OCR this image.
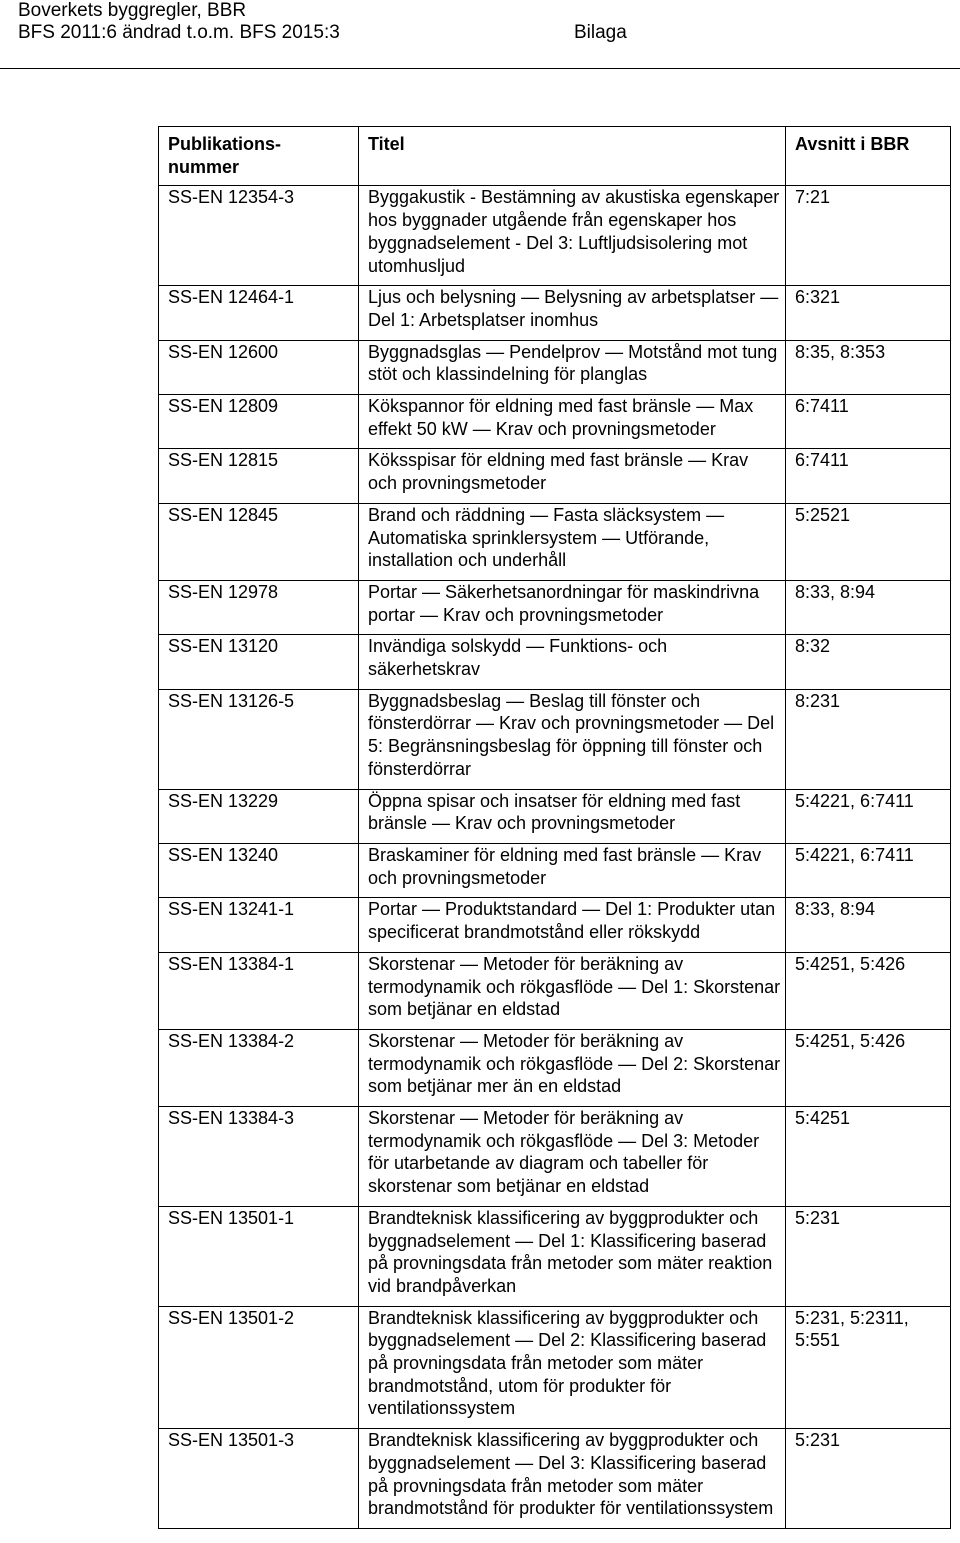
Boverkets byggregler, BBR
BFS 2011:6 ändrad t.o.m. BFS 2015:3	Bilaga
Publikations-
nummer	Titel	Avsnitt i BBR
SS-EN 12354-3	Byggakustik - Bestämning av akustiska egenskaper hos byggnader utgående från egenskaper hos byggnadselement - Del 3: Luftljudsisolering mot utomhusljud	7:21
SS-EN 12464-1	Ljus och belysning — Belysning av arbetsplatser — Del 1: Arbetsplatser inomhus	6:321
SS-EN 12600	Byggnadsglas — Pendelprov — Motstånd mot tung stöt och klassindelning för planglas	8:35, 8:353
SS-EN 12809	Kökspannor för eldning med fast bränsle — Max effekt 50 kW — Krav och provningsmetoder	6:7411
SS-EN 12815	Köksspisar för eldning med fast bränsle — Krav och provningsmetoder	6:7411
SS-EN 12845	Brand och räddning — Fasta släcksystem — Automatiska sprinklersystem — Utförande, installation och underhåll	5:2521
SS-EN 12978	Portar — Säkerhetsanordningar för maskindrivna portar — Krav och provningsmetoder	8:33, 8:94
SS-EN 13120	Invändiga solskydd — Funktions- och säkerhetskrav	8:32
SS-EN 13126-5	Byggnadsbeslag — Beslag till fönster och fönsterdörrar — Krav och provningsmetoder — Del 5: Begränsningsbeslag för öppning till fönster och fönsterdörrar	8:231
SS-EN 13229	Öppna spisar och insatser för eldning med fast bränsle — Krav och provningsmetoder	5:4221, 6:7411
SS-EN 13240	Braskaminer för eldning med fast bränsle — Krav och provningsmetoder	5:4221, 6:7411
SS-EN 13241-1	Portar — Produktstandard — Del 1: Produkter utan specificerat brandmotstånd eller rökskydd	8:33, 8:94
SS-EN 13384-1	Skorstenar — Metoder för beräkning av termodynamik och rökgasflöde — Del 1: Skorstenar som betjänar en eldstad	5:4251, 5:426
SS-EN 13384-2	Skorstenar — Metoder för beräkning av termodynamik och rökgasflöde — Del 2: Skorstenar som betjänar mer än en eldstad	5:4251, 5:426
SS-EN 13384-3	Skorstenar — Metoder för beräkning av termodynamik och rökgasflöde — Del 3: Metoder för utarbetande av diagram och tabeller för skorstenar som betjänar en eldstad	5:4251
SS-EN 13501-1	Brandteknisk klassificering av byggprodukter och byggnadselement — Del 1: Klassificering baserad på provningsdata från metoder som mäter reaktion vid brandpåverkan	5:231
SS-EN 13501-2	Brandteknisk klassificering av byggprodukter och byggnadselement — Del 2: Klassificering baserad på provningsdata från metoder som mäter brandmotstånd, utom för produkter för ventilationssystem	5:231, 5:2311, 5:551
SS-EN 13501-3	Brandteknisk klassificering av byggprodukter och byggnadselement — Del 3: Klassificering baserad på provningsdata från metoder som mäter brandmotstånd för produkter för ventilationssystem	5:231
